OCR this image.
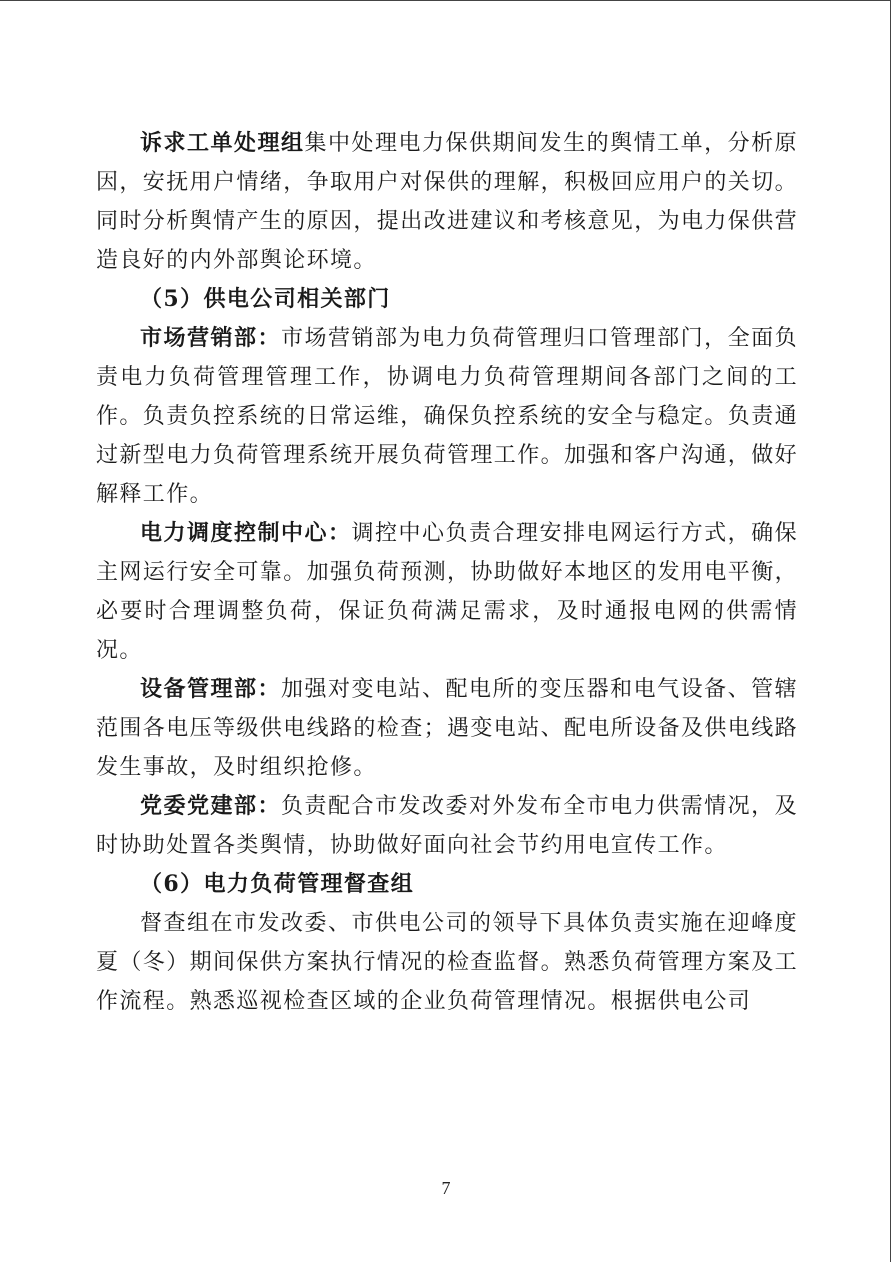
诉求工单处理组集中处理电力保供期间发生的舆情工单，分析原因，安抚用户情绪，争取用户对保供的理解，积极回应用户的关切。同时分析舆情产生的原因，提出改进建议和考核意见，为电力保供营造良好的内外部舆论环境。

（5）供电公司相关部门

市场营销部：市场营销部为电力负荷管理归口管理部门，全面负责电力负荷管理管理工作，协调电力负荷管理期间各部门之间的工作。负责负控系统的日常运维，确保负控系统的安全与稳定。负责通过新型电力负荷管理系统开展负荷管理工作。加强和客户沟通，做好解释工作。

电力调度控制中心：调控中心负责合理安排电网运行方式，确保主网运行安全可靠。加强负荷预测，协助做好本地区的发用电平衡，必要时合理调整负荷，保证负荷满足需求，及时通报电网的供需情况。

设备管理部：加强对变电站、配电所的变压器和电气设备、管辖范围各电压等级供电线路的检查；遇变电站、配电所设备及供电线路发生事故，及时组织抢修。

党委党建部：负责配合市发改委对外发布全市电力供需情况，及时协助处置各类舆情，协助做好面向社会节约用电宣传工作。

（6）电力负荷管理督查组

督查组在市发改委、市供电公司的领导下具体负责实施在迎峰度夏（冬）期间保供方案执行情况的检查监督。熟悉负荷管理方案及工作流程。熟悉巡视检查区域的企业负荷管理情况。根据供电公司

7
